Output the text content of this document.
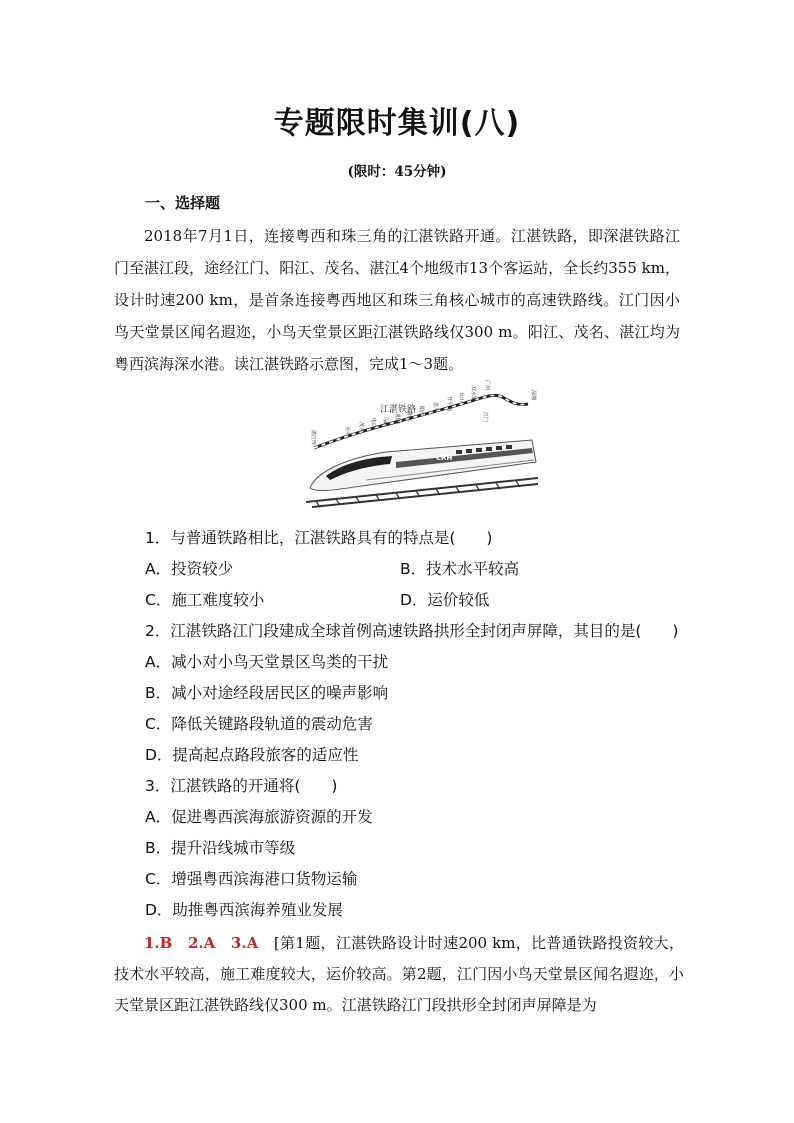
专题限时集训(八)
(限时：45分钟)
一、选择题
2018年7月1日，连接粤西和珠三角的江湛铁路开通。江湛铁路，即深湛铁路江门至湛江段，途经江门、阳江、茂名、湛江4个地级市13个客运站，全长约355 km，设计时速200 km，是首条连接粤西地区和珠三角核心城市的高速铁路线。江门因小鸟天堂景区闻名遐迩，小鸟天堂景区距江湛铁路线仅300 m。阳江、茂名、湛江均为粤西滨海深水港。读江湛铁路示意图，完成1～3题。
江湛铁路
湛江西	吴川 茂名 电白 马踏 阳西 阳东
阳江 恩平 开平南 台山 双水镇
江门
广州
深圳
CRH
1．与普通铁路相比，江湛铁路具有的特点是(　　)
A．投资较少	B．技术水平较高
C．施工难度较小	D．运价较低
2．江湛铁路江门段建成全球首例高速铁路拱形全封闭声屏障，其目的是(　　)
A．减小对小鸟天堂景区鸟类的干扰
B．减小对途经段居民区的噪声影响
C．降低关键路段轨道的震动危害
D．提高起点路段旅客的适应性
3．江湛铁路的开通将(　　)
A．促进粤西滨海旅游资源的开发
B．提升沿线城市等级
C．增强粤西滨海港口货物运输
D．助推粤西滨海养殖业发展
1.B　2.A　3.A　 [第1题，江湛铁路设计时速200 km，比普通铁路投资较大，技术水平较高，施工难度较大，运价较高。第2题，江门因小鸟天堂景区闻名遐迩，小天堂景区距江湛铁路线仅300 m。江湛铁路江门段拱形全封闭声屏障是为
